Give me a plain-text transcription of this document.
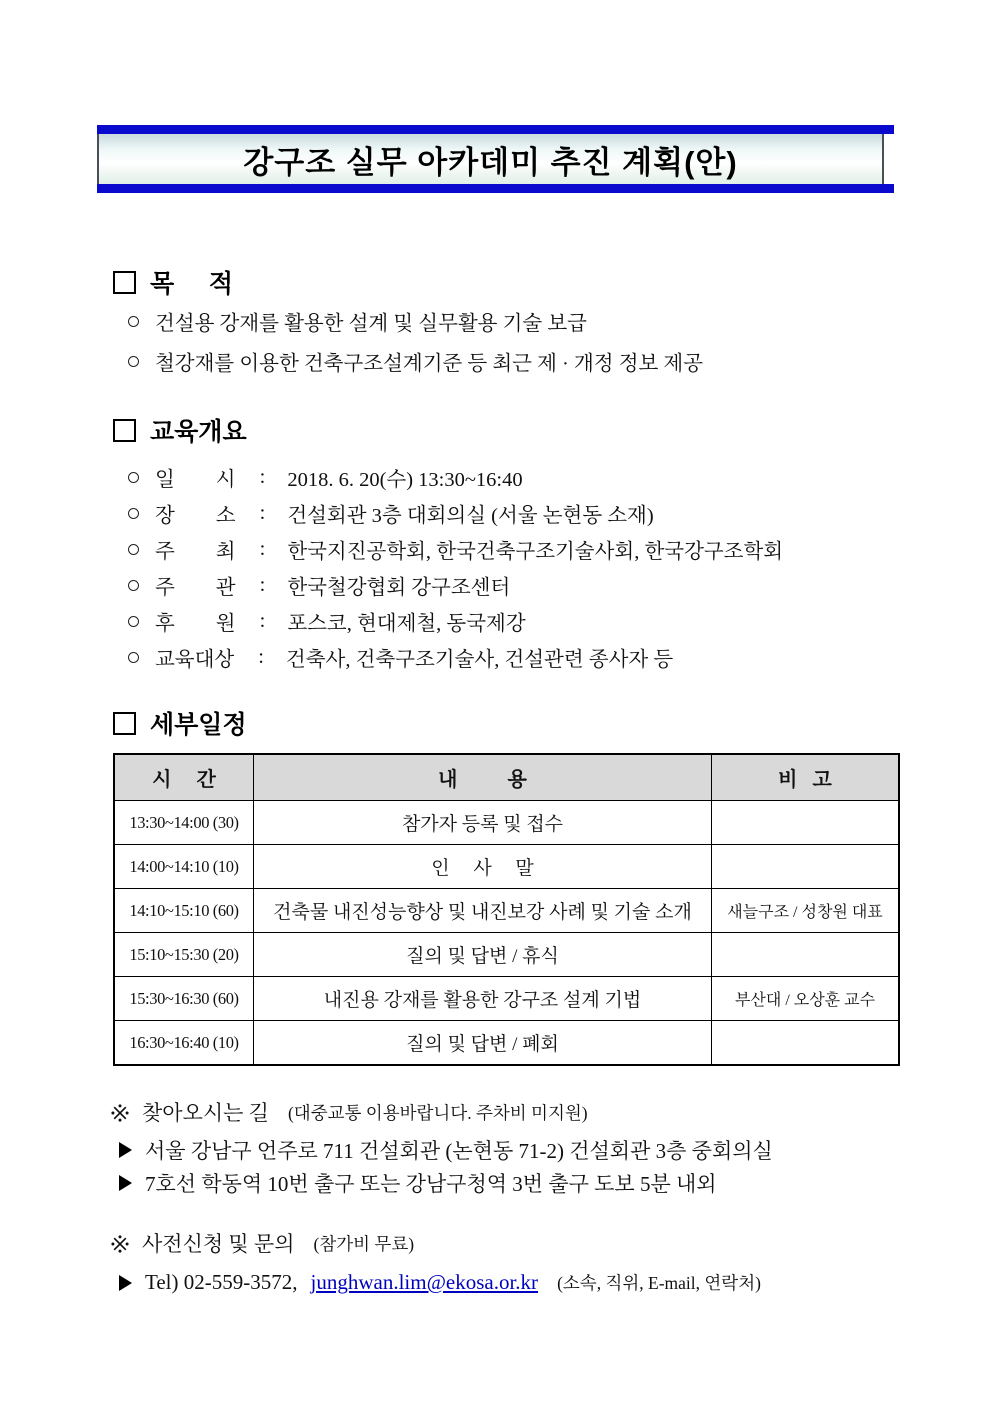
강구조 실무 아카데미 추진 계획(안)
목     적
건설용 강재를 활용한 설계 및 실무활용 기술 보급
철강재를 이용한 건축구조설계기준 등 최근 제 · 개정 정보 제공
교육개요
일        시 : 2018. 6. 20(수) 13:30~16:40
장        소 : 건설회관 3층 대회의실 (서울 논현동 소재)
주        최 : 한국지진공학회, 한국건축구조기술사회, 한국강구조학회
주        관 : 한국철강협회 강구조센터
후        원 : 포스코, 현대제철, 동국제강
교육대상 : 건축사, 건축구조기술사, 건설관련 종사자 등
세부일정
시     간	내          용	비   고
13:30~14:00 (30)	참가자 등록 및 접수
14:00~14:10 (10)	인     사     말
14:10~15:10 (60)	건축물 내진성능향상 및 내진보강 사례 및 기술 소개	새늘구조 / 성창원 대표
15:10~15:30 (20)	질의 및 답변 / 휴식
15:30~16:30 (60)	내진용 강재를 활용한 강구조 설계 기법	부산대 / 오상훈 교수
16:30~16:40 (10)	질의 및 답변 / 폐회
찾아오시는 길 (대중교통 이용바랍니다. 주차비 미지원)
서울 강남구 언주로 711 건설회관 (논현동 71-2) 건설회관 3층 중회의실
7호선 학동역 10번 출구 또는 강남구청역 3번 출구 도보 5분 내외
사전신청 및 문의 (참가비 무료)
Tel) 02-559-3572, junghwan.lim@ekosa.or.kr (소속, 직위, E-mail, 연락처)
